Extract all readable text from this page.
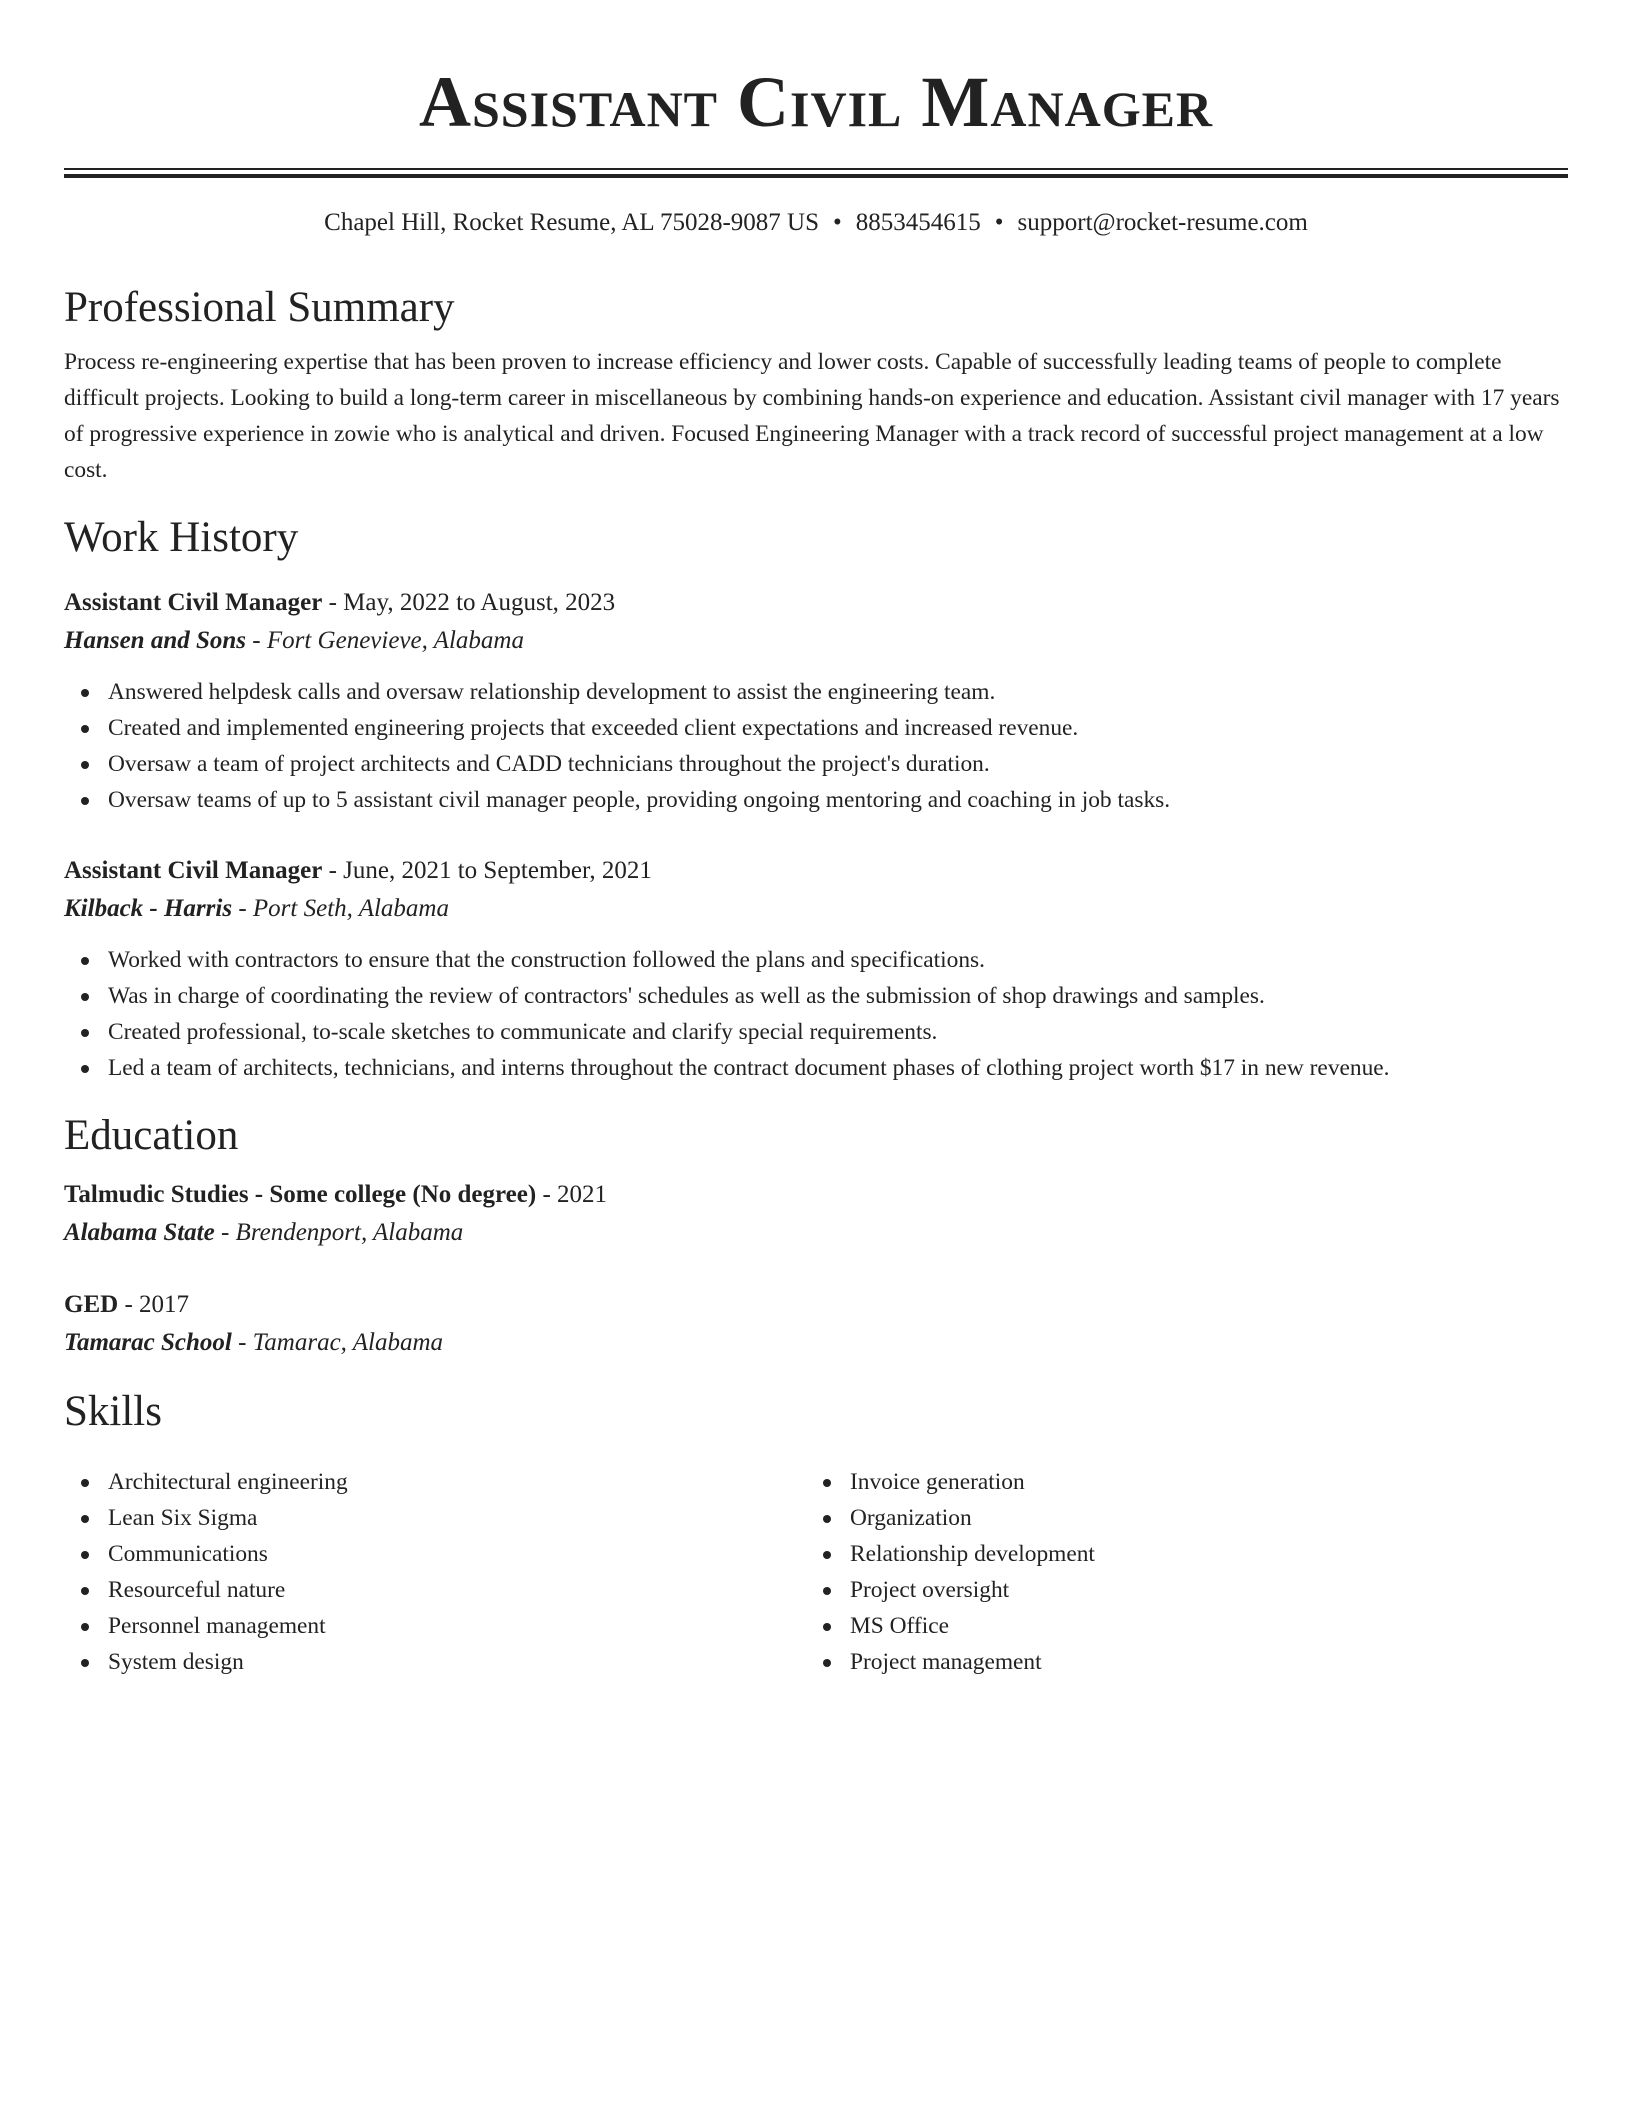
Assistant Civil Manager
Chapel Hill, Rocket Resume, AL 75028-9087 US • 8853454615 • support@rocket-resume.com
Professional Summary

Process re-engineering expertise that has been proven to increase efficiency and lower costs. Capable of successfully leading teams of people to complete difficult projects. Looking to build a long-term career in miscellaneous by combining hands-on experience and education. Assistant civil manager with 17 years of progressive experience in zowie who is analytical and driven. Focused Engineering Manager with a track record of successful project management at a low cost.

Work History
Assistant Civil Manager - May, 2022 to August, 2023
Hansen and Sons - Fort Genevieve, Alabama
Answered helpdesk calls and oversaw relationship development to assist the engineering team.
Created and implemented engineering projects that exceeded client expectations and increased revenue.
Oversaw a team of project architects and CADD technicians throughout the project's duration.
Oversaw teams of up to 5 assistant civil manager people, providing ongoing mentoring and coaching in job tasks.
Assistant Civil Manager - June, 2021 to September, 2021
Kilback - Harris - Port Seth, Alabama
Worked with contractors to ensure that the construction followed the plans and specifications.
Was in charge of coordinating the review of contractors' schedules as well as the submission of shop drawings and samples.
Created professional, to-scale sketches to communicate and clarify special requirements.
Led a team of architects, technicians, and interns throughout the contract document phases of clothing project worth $17 in new revenue.
Education
Talmudic Studies - Some college (No degree) - 2021
Alabama State - Brendenport, Alabama
GED - 2017
Tamarac School - Tamarac, Alabama
Skills
Architectural engineering
Lean Six Sigma
Communications
Resourceful nature
Personnel management
System design
Invoice generation
Organization
Relationship development
Project oversight
MS Office
Project management
